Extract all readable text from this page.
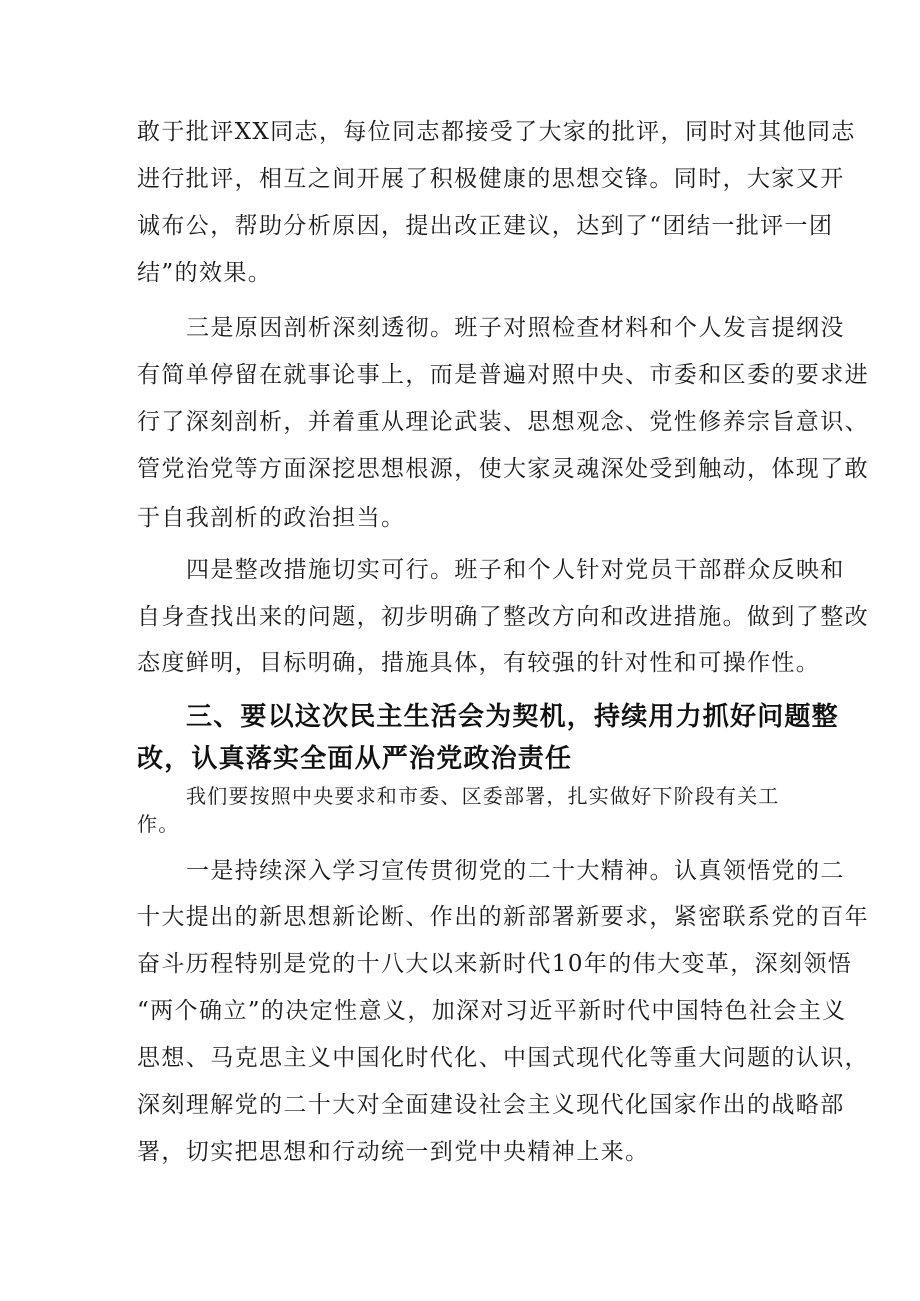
敢于批评XX同志，每位同志都接受了大家的批评，同时对其他同志
进行批评，相互之间开展了积极健康的思想交锋。同时，大家又开
诚布公，帮助分析原因，提出改正建议，达到了“团结一批评一团
结”的效果。
三是原因剖析深刻透彻。班子对照检查材料和个人发言提纲没
有简单停留在就事论事上，而是普遍对照中央、市委和区委的要求进
行了深刻剖析，并着重从理论武装、思想观念、党性修养宗旨意识、
管党治党等方面深挖思想根源，使大家灵魂深处受到触动，体现了敢
于自我剖析的政治担当。
四是整改措施切实可行。班子和个人针对党员干部群众反映和
自身查找出来的问题，初步明确了整改方向和改进措施。做到了整改
态度鲜明，目标明确，措施具体，有较强的针对性和可操作性。
三、要以这次民主生活会为契机，持续用力抓好问题整
改，认真落实全面从严治党政治责任
我们要按照中央要求和市委、区委部署，扎实做好下阶段有关工
作。
一是持续深入学习宣传贯彻党的二十大精神。认真领悟党的二
十大提出的新思想新论断、作出的新部署新要求，紧密联系党的百年
奋斗历程特别是党的十八大以来新时代10年的伟大变革，深刻领悟
“两个确立”的决定性意义，加深对习近平新时代中国特色社会主义
思想、马克思主义中国化时代化、中国式现代化等重大问题的认识，
深刻理解党的二十大对全面建设社会主义现代化国家作出的战略部
署，切实把思想和行动统一到党中央精神上来。
